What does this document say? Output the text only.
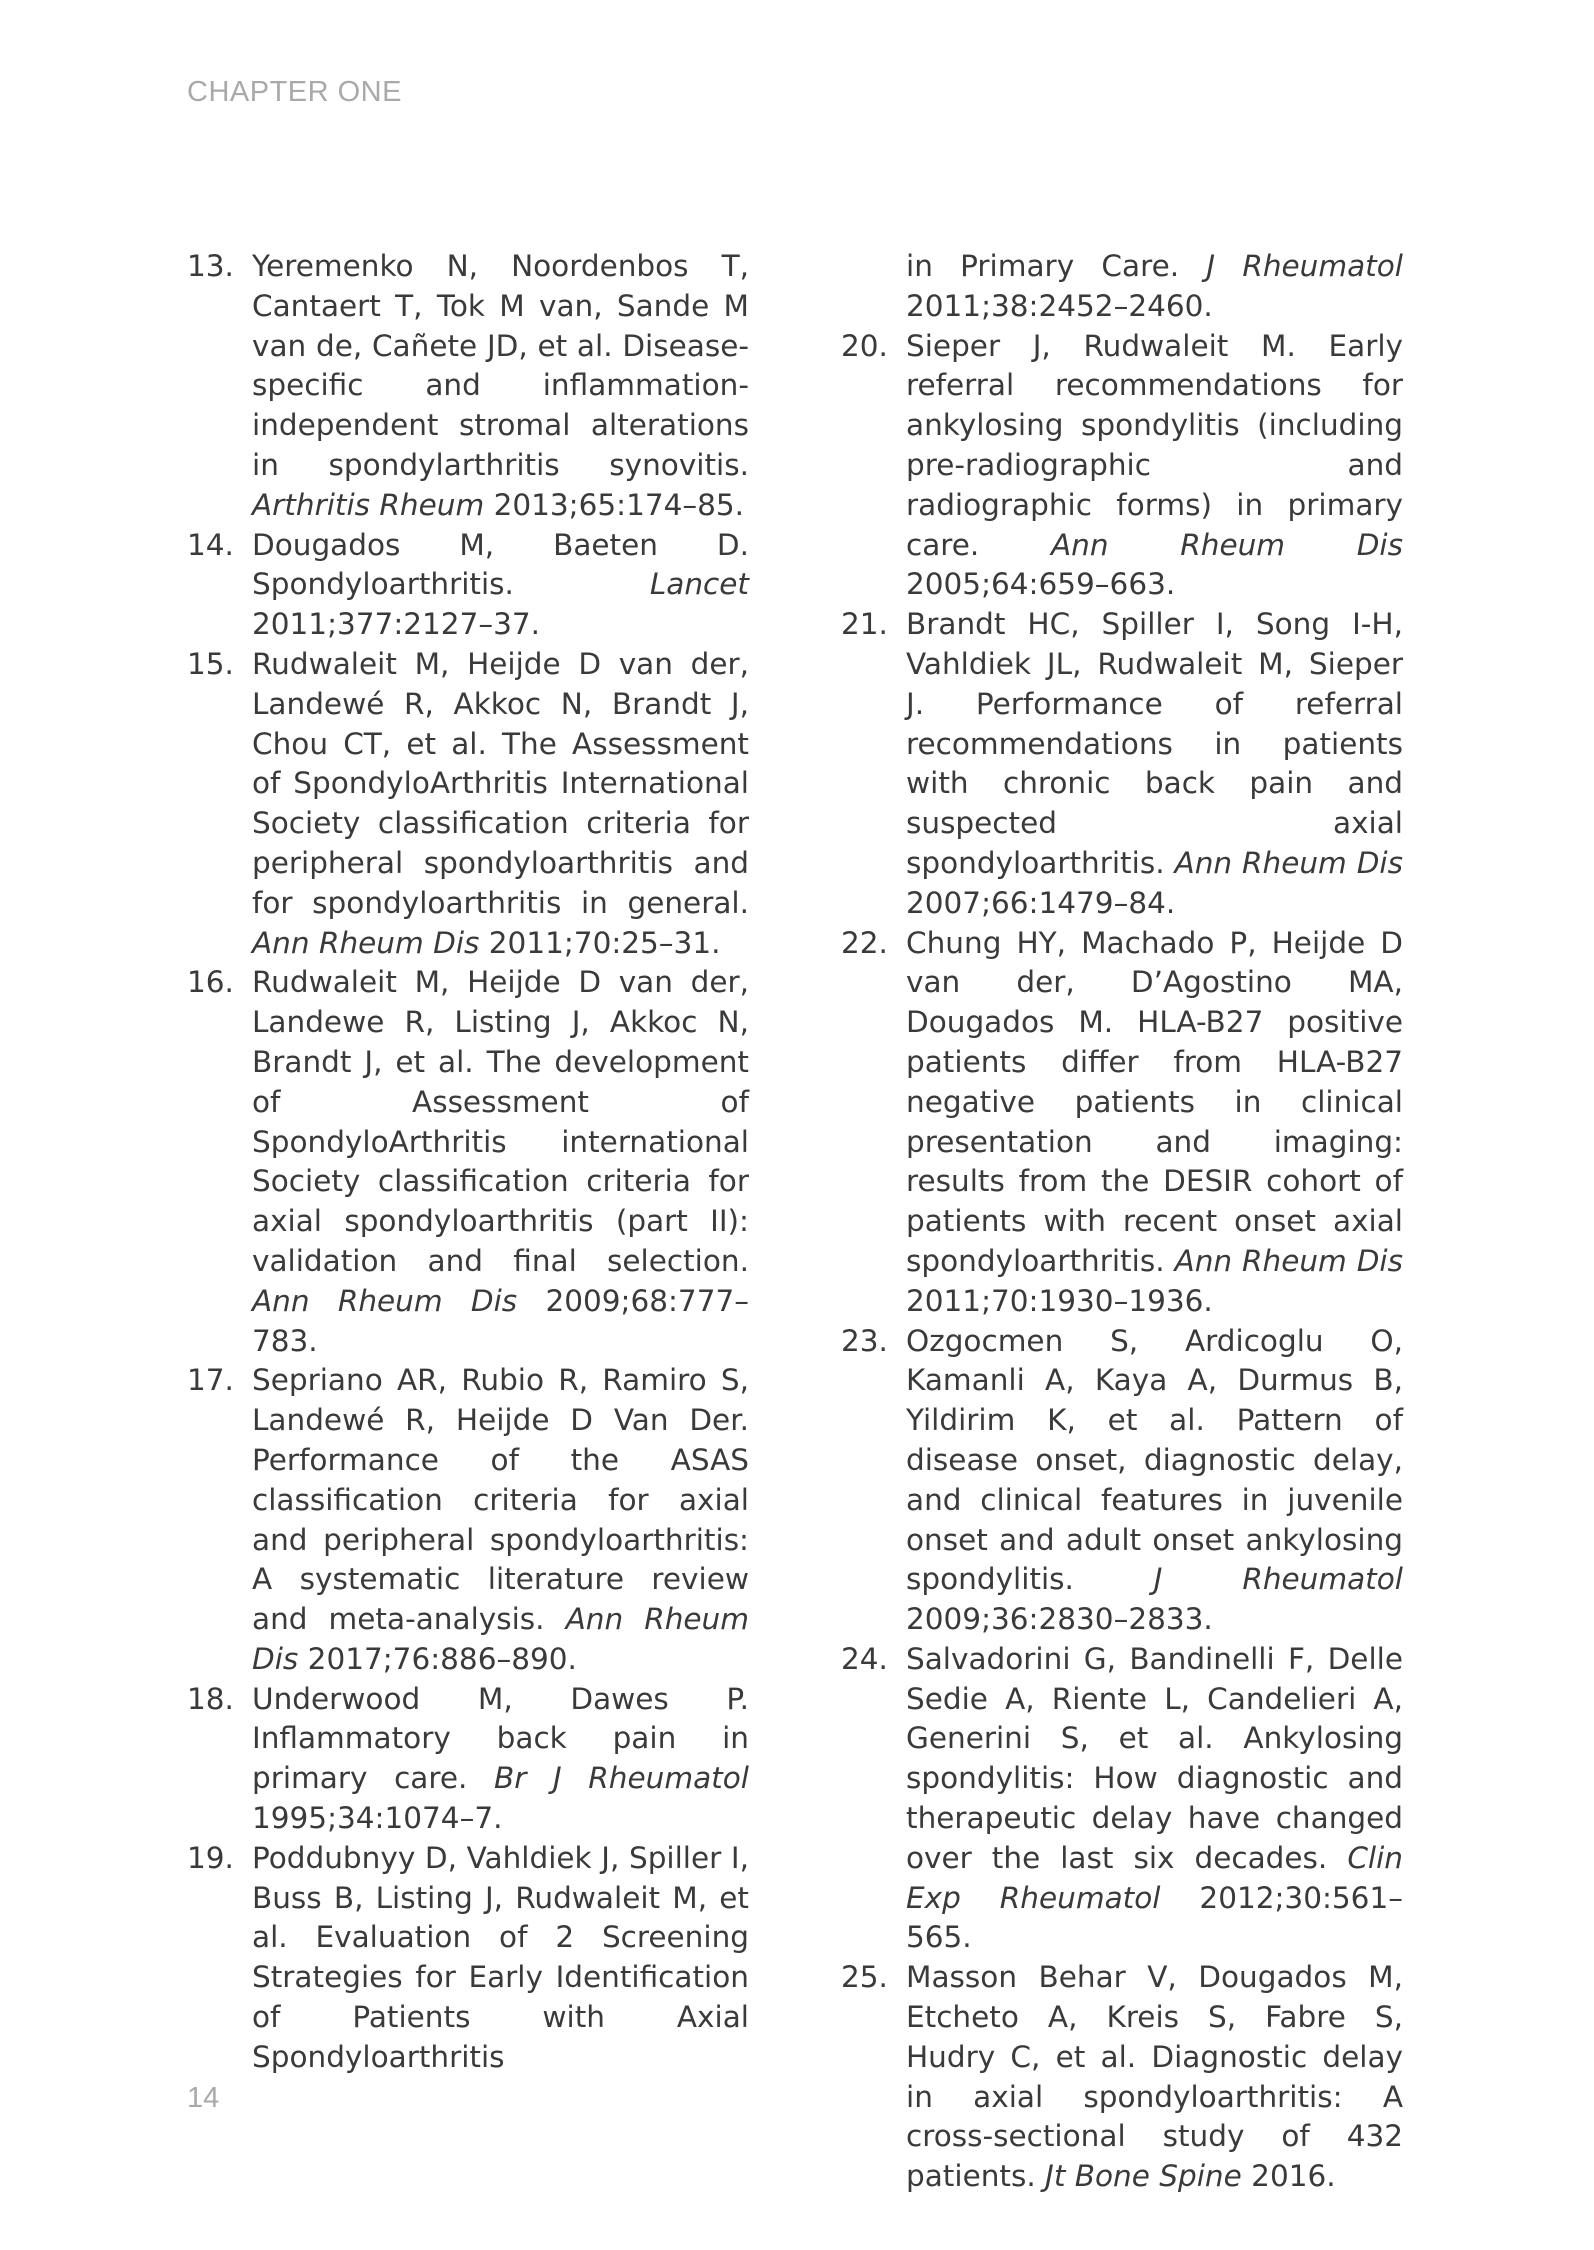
CHAPTER ONE
13. Yeremenko N, Noordenbos T, Cantaert T, Tok M van, Sande M van de, Cañete JD, et al. Disease-specific and inflammation-independent stromal alterations in spondylarthritis synovitis. Arthritis Rheum 2013;65:174–85.
14. Dougados M, Baeten D. Spondyloarthritis.	Lancet 2011;377:2127–37.
15. Rudwaleit M, Heijde D van der, Landewé R, Akkoc N, Brandt J, Chou CT, et al. The Assessment of SpondyloArthritis International Society classification criteria for peripheral spondyloarthritis and for spondyloarthritis in general. Ann Rheum Dis 2011;70:25–31.
16. Rudwaleit M, Heijde D van der, Landewe R, Listing J, Akkoc N, Brandt J, et al. The development of Assessment of SpondyloArthritis international Society classification criteria for axial spondyloarthritis (part II): validation and final selection. Ann Rheum Dis 2009;68:777–783.
17. Sepriano AR, Rubio R, Ramiro S, Landewé R, Heijde D Van Der. Performance of the ASAS classification criteria for axial and peripheral spondyloarthritis: A systematic literature review and meta-analysis. Ann Rheum Dis 2017;76:886–890.
18. Underwood M, Dawes P. Inflammatory back pain in primary care. Br J Rheumatol 1995;34:1074–7.
19. Poddubnyy D, Vahldiek J, Spiller I, Buss B, Listing J, Rudwaleit M, et al. Evaluation of 2 Screening Strategies for Early Identification of Patients with Axial Spondyloarthritis
in Primary Care. J Rheumatol 2011;38:2452–2460.
20. Sieper J, Rudwaleit M. Early referral recommendations for ankylosing spondylitis (including pre-radiographic and radiographic forms) in primary care. Ann Rheum Dis 2005;64:659–663.
21. Brandt HC, Spiller I, Song I-H, Vahldiek JL, Rudwaleit M, Sieper J. Performance of referral recommendations in patients with chronic back pain and suspected axial spondyloarthritis. Ann Rheum Dis 2007;66:1479–84.
22. Chung HY, Machado P, Heijde D van der, D’Agostino MA, Dougados M. HLA-B27 positive patients differ from HLA-B27 negative patients in clinical presentation and imaging: results from the DESIR cohort of patients with recent onset axial spondyloarthritis. Ann Rheum Dis 2011;70:1930–1936.
23. Ozgocmen S, Ardicoglu O, Kamanli A, Kaya A, Durmus B, Yildirim K, et al. Pattern of disease onset, diagnostic delay, and clinical features in juvenile onset and adult onset ankylosing spondylitis.	J Rheumatol 2009;36:2830–2833.
24. Salvadorini G, Bandinelli F, Delle Sedie A, Riente L, Candelieri A, Generini S, et al. Ankylosing spondylitis: How diagnostic and therapeutic delay have changed over the last six decades. Clin Exp Rheumatol 2012;30:561–565.
25. Masson Behar V, Dougados M, Etcheto A, Kreis S, Fabre S, Hudry C, et al. Diagnostic delay in axial spondyloarthritis: A cross-sectional study of 432 patients. Jt Bone Spine 2016.
14
